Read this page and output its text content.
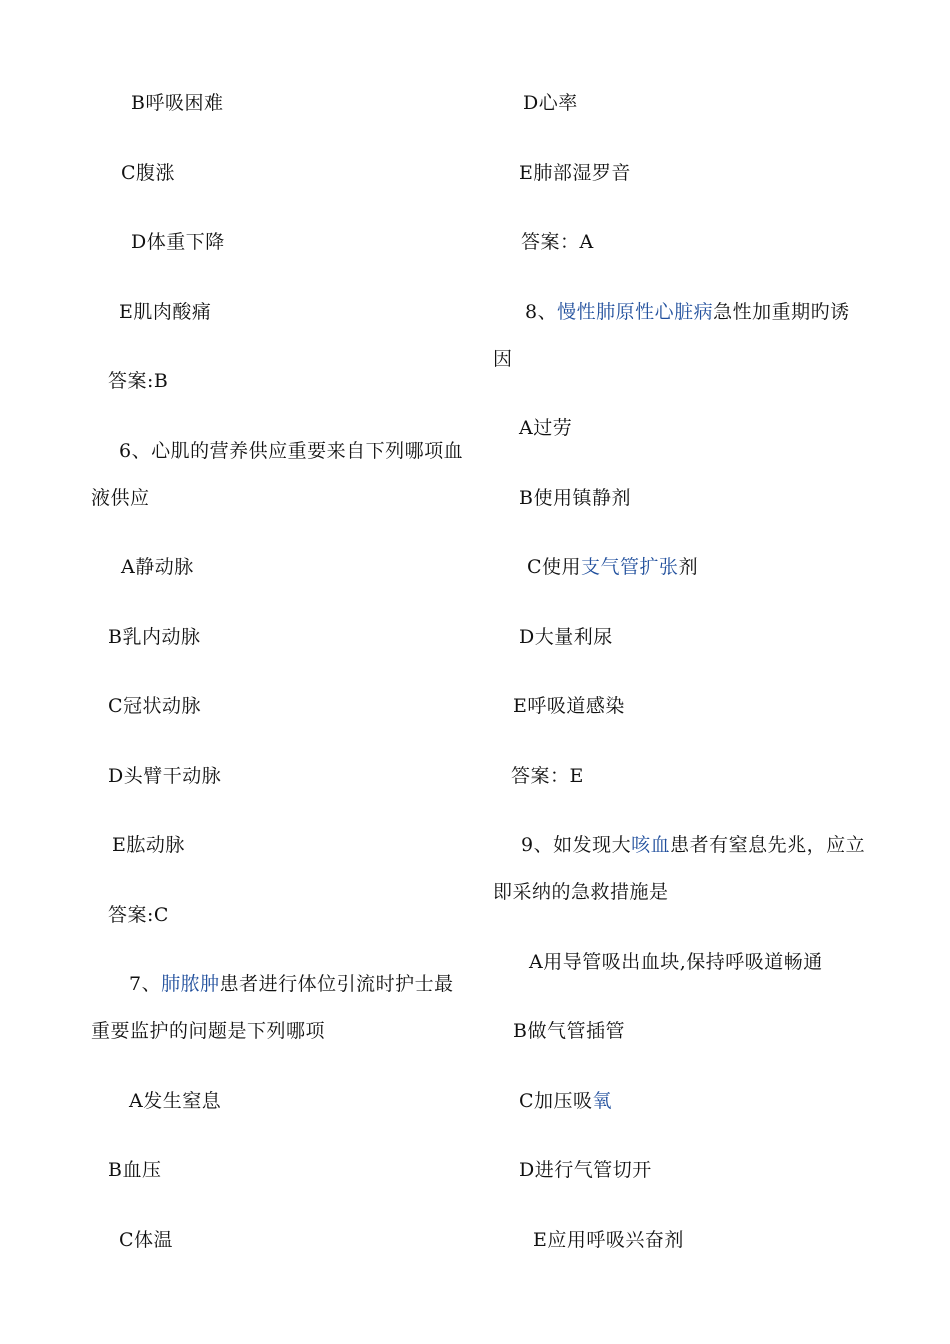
B呼吸困难
C腹涨
D体重下降
E肌肉酸痛
答案:B
6、心肌的营养供应重要来自下列哪项血
液供应
A静动脉
B乳内动脉
C冠状动脉
D头臂干动脉
E肱动脉
答案:C
7、肺脓肿患者进行体位引流时护士最
重要监护的问题是下列哪项
A发生窒息
B血压
C体温
D心率
E肺部湿罗音
答案：A
8、慢性肺原性心脏病急性加重期旳诱
因
A过劳
B使用镇静剂
C使用支气管扩张剂
D大量利尿
E呼吸道感染
答案：E
9、如发现大咳血患者有窒息先兆，应立
即采纳的急救措施是
A用导管吸出血块,保持呼吸道畅通
B做气管插管
C加压吸氧
D进行气管切开
E应用呼吸兴奋剂
